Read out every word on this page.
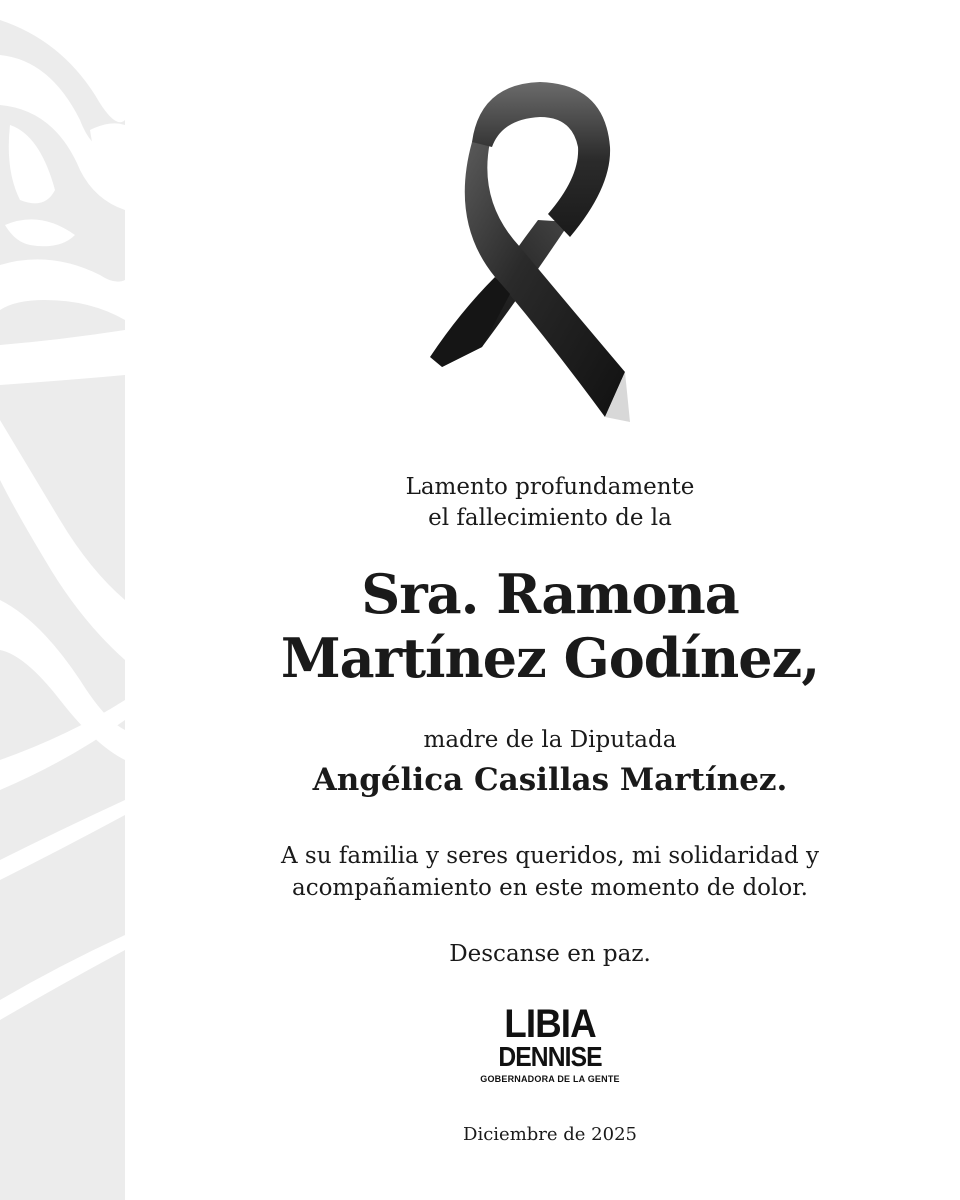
Lamento profundamente
el fallecimiento de la
Sra. Ramona
Martínez Godínez,
madre de la Diputada
Angélica Casillas Martínez.
A su familia y seres queridos, mi solidaridad y
acompañamiento en este momento de dolor.
Descanse en paz.
LIBIA
DENNISE
GOBERNADORA DE LA GENTE
Diciembre de 2025
